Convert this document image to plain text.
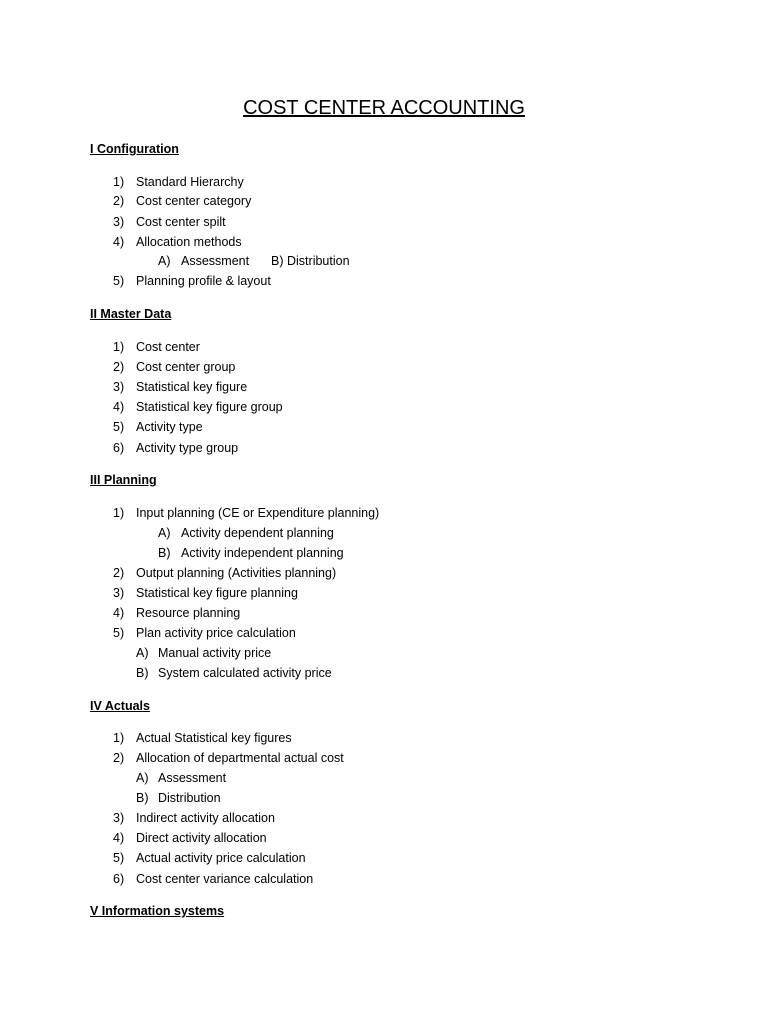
COST CENTER ACCOUNTING
I Configuration
1) Standard Hierarchy
2) Cost center category
3) Cost center spilt
4) Allocation methods
A) Assessment B) Distribution
5) Planning profile & layout
II Master Data
1) Cost center
2) Cost center group
3) Statistical key figure
4) Statistical key figure group
5) Activity type
6) Activity type group
III Planning
1) Input planning (CE or Expenditure planning)
A) Activity dependent planning
B) Activity independent planning
2) Output planning (Activities planning)
3) Statistical key figure planning
4) Resource planning
5) Plan activity price calculation
A) Manual activity price
B) System calculated activity price
IV Actuals
1) Actual Statistical key figures
2) Allocation of departmental actual cost
A) Assessment
B) Distribution
3) Indirect activity allocation
4) Direct activity allocation
5) Actual activity price calculation
6) Cost center variance calculation
V Information systems
